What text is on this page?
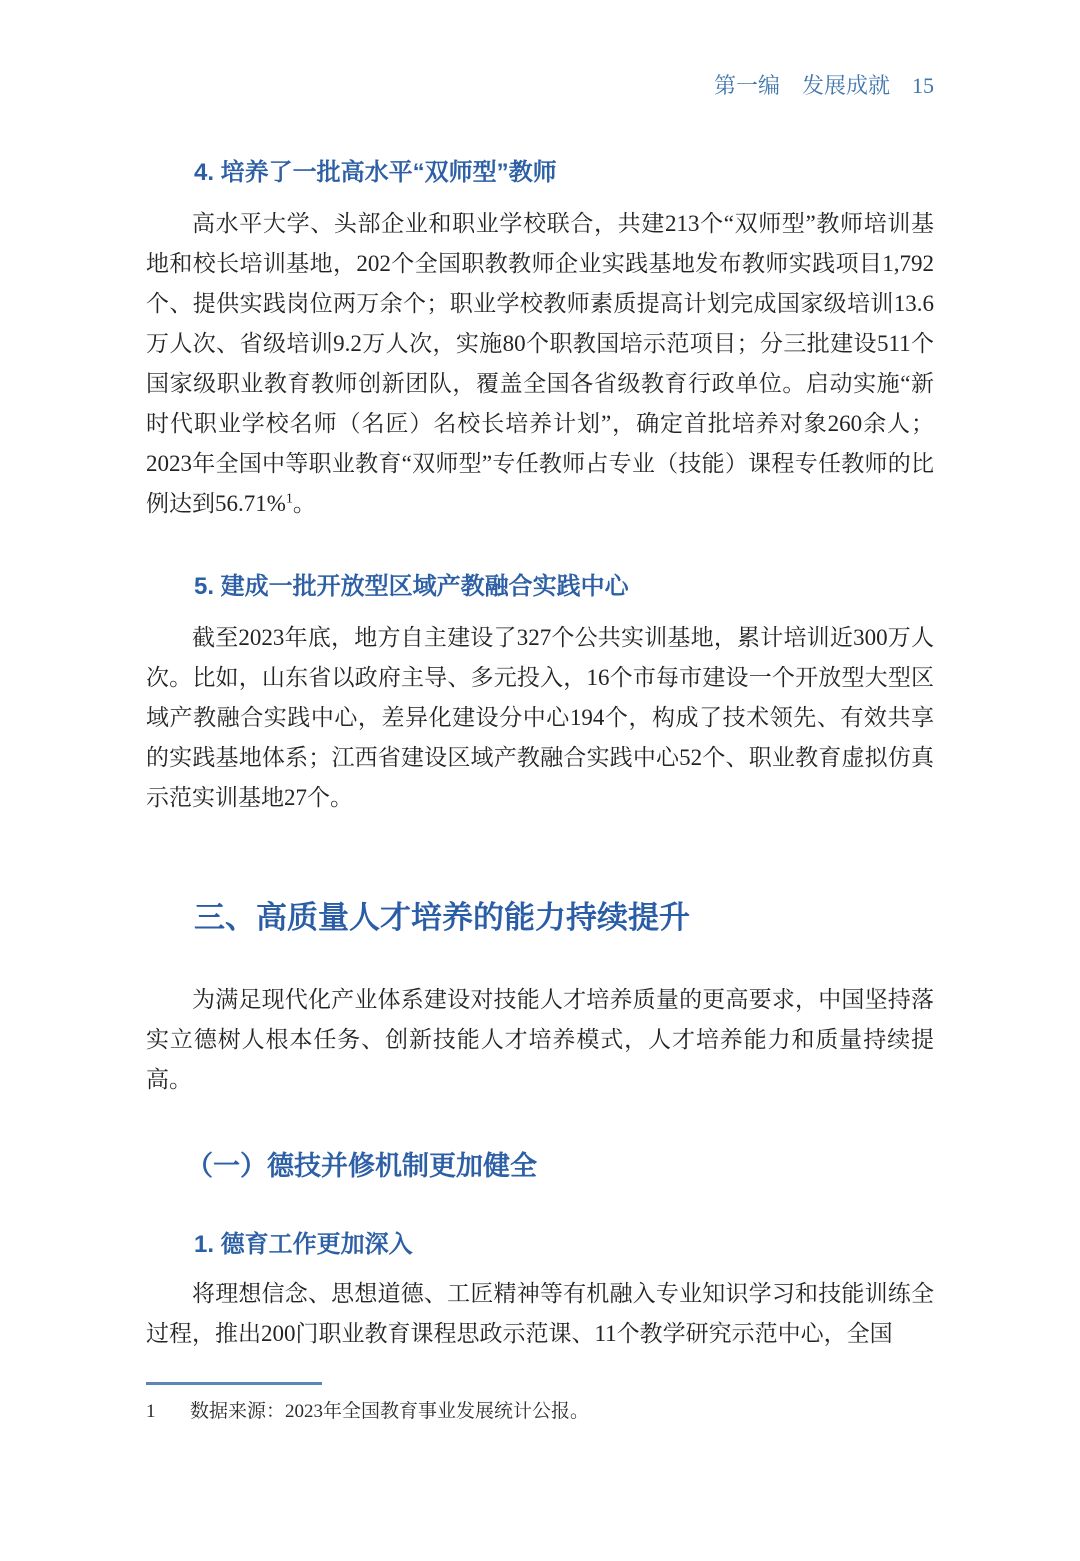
第一编 发展成就 15
4. 培养了一批高水平“双师型”教师

高水平大学、头部企业和职业学校联合，共建213个“双师型”教师培训基地和校长培训基地，202个全国职教教师企业实践基地发布教师实践项目1,792个、提供实践岗位两万余个；职业学校教师素质提高计划完成国家级培训13.6万人次、省级培训9.2万人次，实施80个职教国培示范项目；分三批建设511个国家级职业教育教师创新团队，覆盖全国各省级教育行政单位。启动实施“新时代职业学校名师（名匠）名校长培养计划”，确定首批培养对象260余人；2023年全国中等职业教育“双师型”专任教师占专业（技能）课程专任教师的比例达到56.71%$^1$。

5. 建成一批开放型区域产教融合实践中心

截至2023年底，地方自主建设了327个公共实训基地，累计培训近300万人次。比如，山东省以政府主导、多元投入，16个市每市建设一个开放型大型区域产教融合实践中心，差异化建设分中心194个，构成了技术领先、有效共享的实践基地体系；江西省建设区域产教融合实践中心52个、职业教育虚拟仿真示范实训基地27个。

三、高质量人才培养的能力持续提升

为满足现代化产业体系建设对技能人才培养质量的更高要求，中国坚持落实立德树人根本任务、创新技能人才培养模式，人才培养能力和质量持续提高。

（一）德技并修机制更加健全
1. 德育工作更加深入

将理想信念、思想道德、工匠精神等有机融入专业知识学习和技能训练全过程，推出200门职业教育课程思政示范课、11个教学研究示范中心，全国

1	数据来源：2023年全国教育事业发展统计公报。
